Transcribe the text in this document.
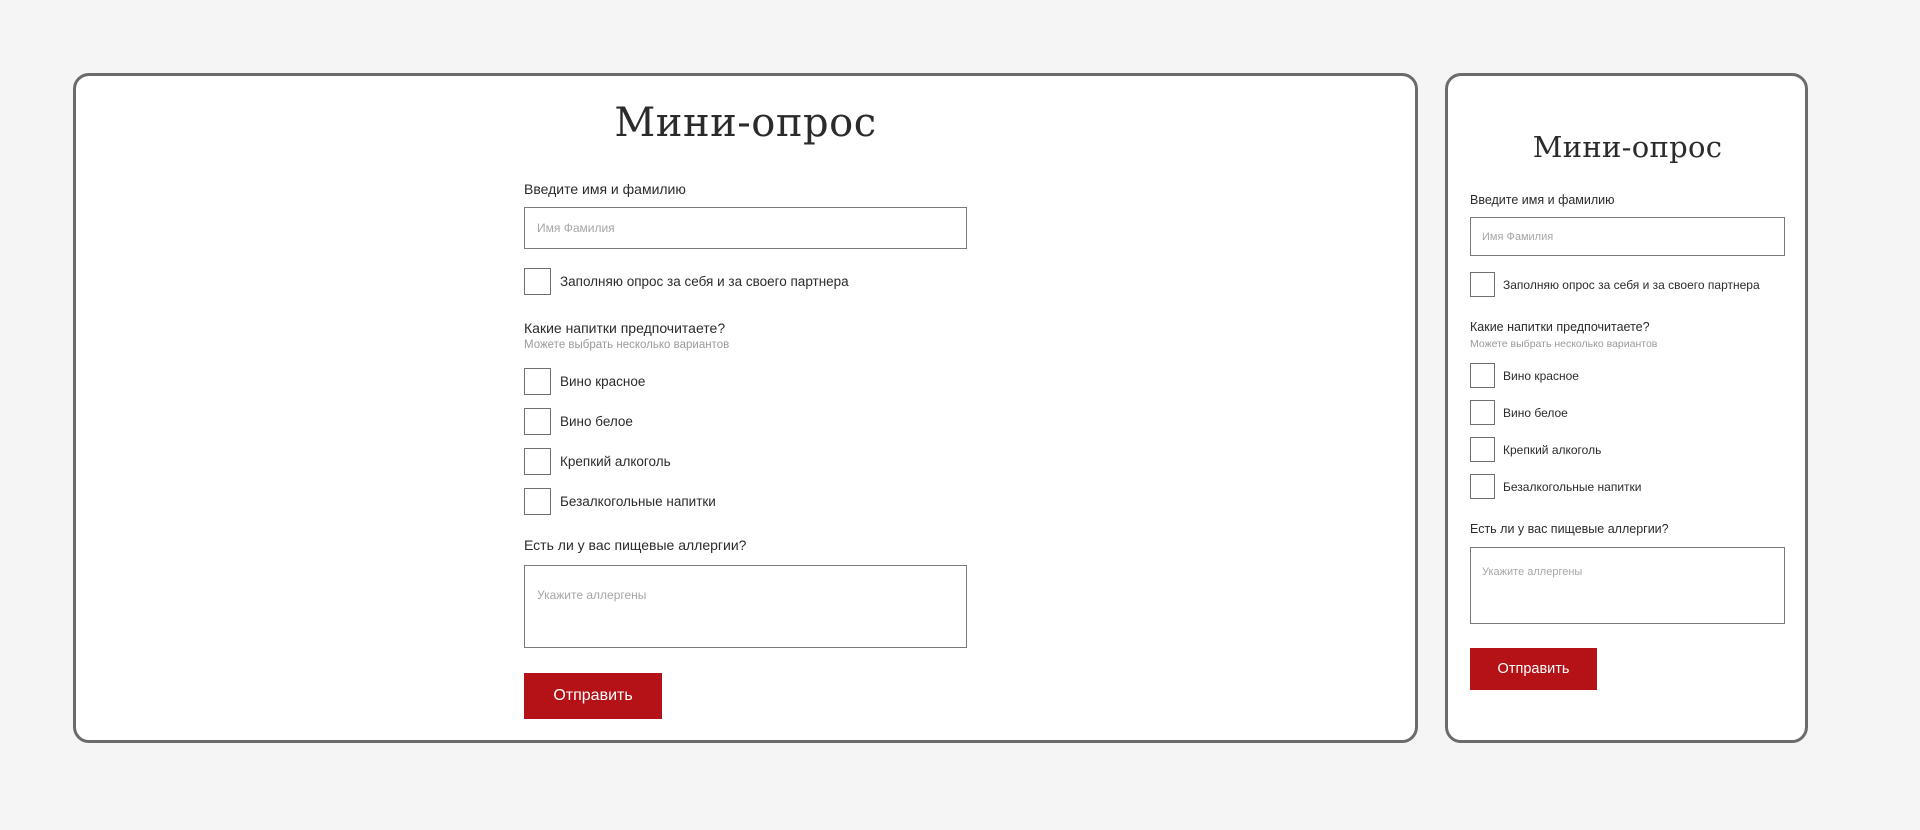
Мини-опрос
Введите имя и фамилию
Имя Фамилия
Заполняю опрос за себя и за своего партнера
Какие напитки предпочитаете?
Можете выбрать несколько вариантов
Вино красное
Вино белое
Крепкий алкоголь
Безалкогольные напитки
Есть ли у вас пищевые аллергии?
Укажите аллергены
Отправить
Мини-опрос
Введите имя и фамилию
Имя Фамилия
Заполняю опрос за себя и за своего партнера
Какие напитки предпочитаете?
Можете выбрать несколько вариантов
Вино красное
Вино белое
Крепкий алкоголь
Безалкогольные напитки
Есть ли у вас пищевые аллергии?
Укажите аллергены
Отправить
